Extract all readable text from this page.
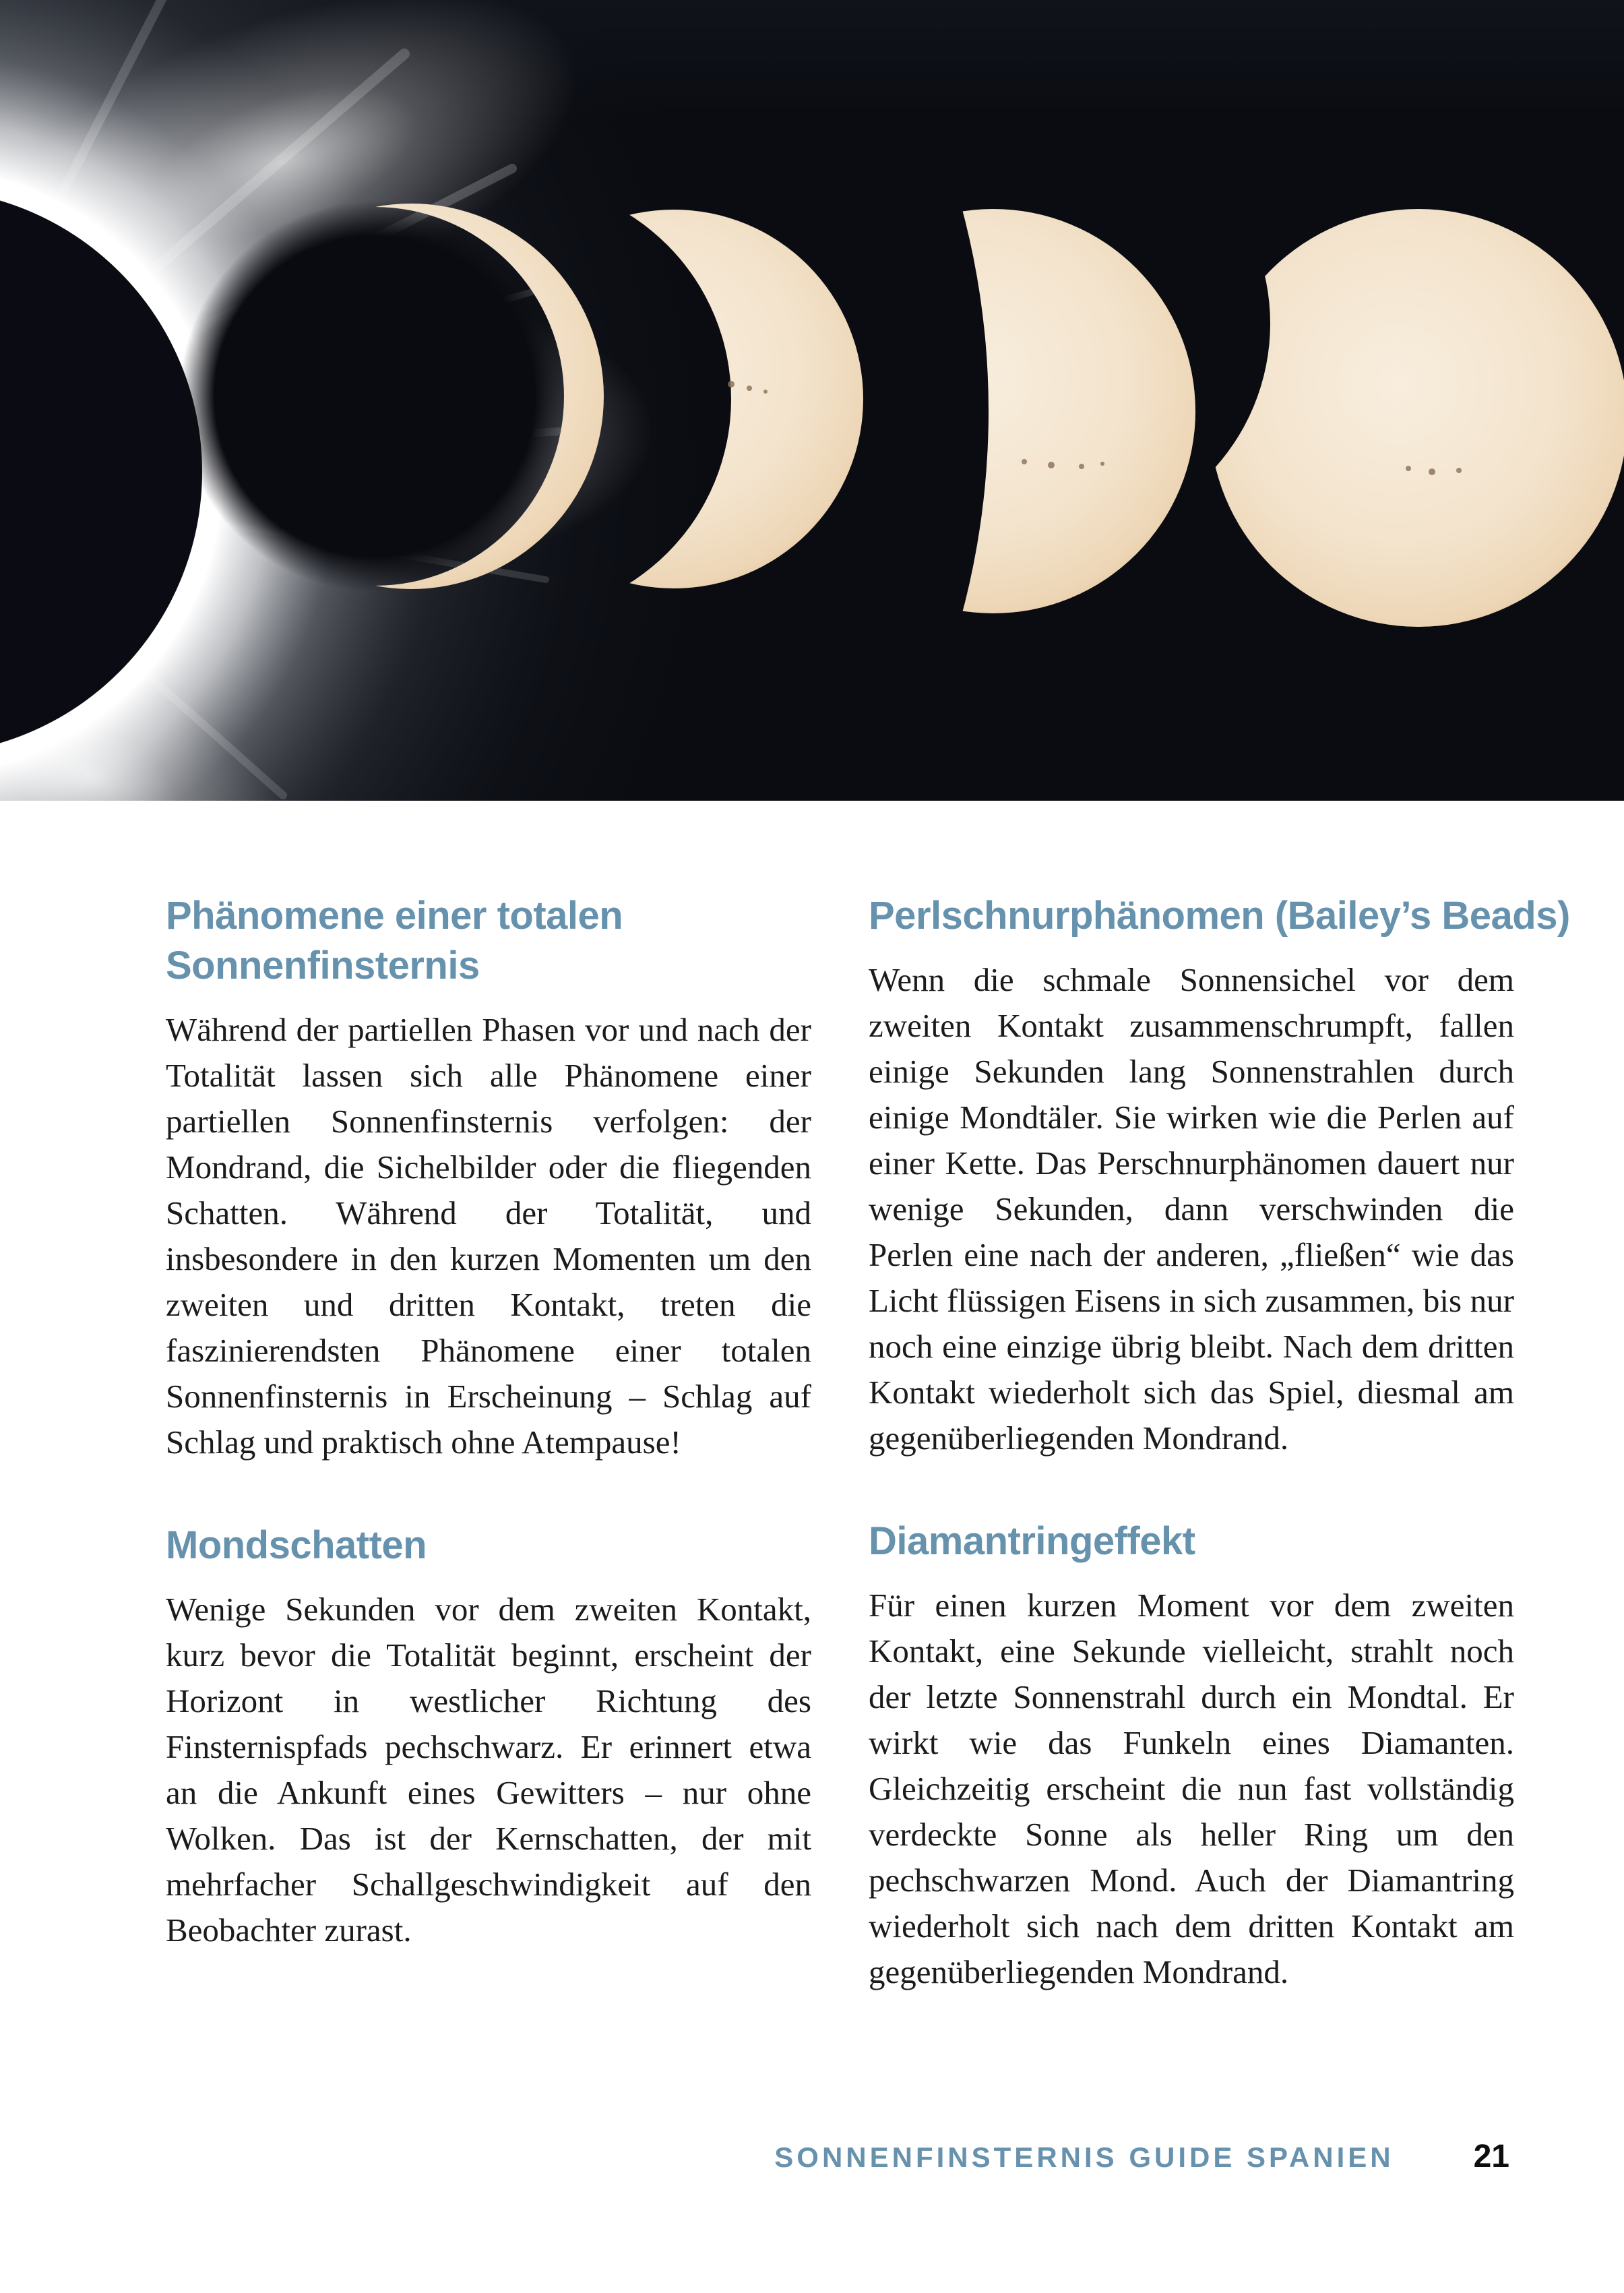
Phänomene einer totalen Sonnenfinsternis

Während der partiellen Phasen vor und nach der Totalität lassen sich alle Phänomene einer partiellen Sonnenfinsternis verfolgen: der Mondrand, die Sichelbilder oder die fliegenden Schatten. Während der Totalität, und insbesondere in den kurzen Momenten um den zweiten und dritten Kontakt, treten die faszinierendsten Phänomene einer totalen Sonnenfinsternis in Erscheinung – Schlag auf Schlag und praktisch ohne Atempause!

Mondschatten

Wenige Sekunden vor dem zweiten Kontakt, kurz bevor die Totalität beginnt, erscheint der Horizont in westlicher Richtung des Finsternispfads pechschwarz. Er erinnert etwa an die Ankunft eines Gewitters – nur ohne Wolken. Das ist der Kernschatten, der mit mehrfacher Schallgeschwindigkeit auf den Beobachter zurast.

Perlschnurphänomen (Bailey’s Beads)

Wenn die schmale Sonnensichel vor dem zweiten Kontakt zusammenschrumpft, fallen einige Sekunden lang Sonnenstrahlen durch einige Mondtäler. Sie wirken wie die Perlen auf einer Kette. Das Perschnurphänomen dauert nur wenige Sekunden, dann verschwinden die Perlen eine nach der anderen, „fließen“ wie das Licht flüssigen Eisens in sich zusammen, bis nur noch eine einzige übrig bleibt. Nach dem dritten Kontakt wiederholt sich das Spiel, diesmal am gegenüberliegenden Mondrand.

Diamantringeffekt

Für einen kurzen Moment vor dem zweiten Kontakt, eine Sekunde vielleicht, strahlt noch der letzte Sonnenstrahl durch ein Mondtal. Er wirkt wie das Funkeln eines Diamanten. Gleichzeitig erscheint die nun fast vollständig verdeckte Sonne als heller Ring um den pechschwarzen Mond. Auch der Diamantring wiederholt sich nach dem dritten Kontakt am gegenüberliegenden Mondrand.

SONNENFINSTERNIS GUIDE SPANIEN 21
